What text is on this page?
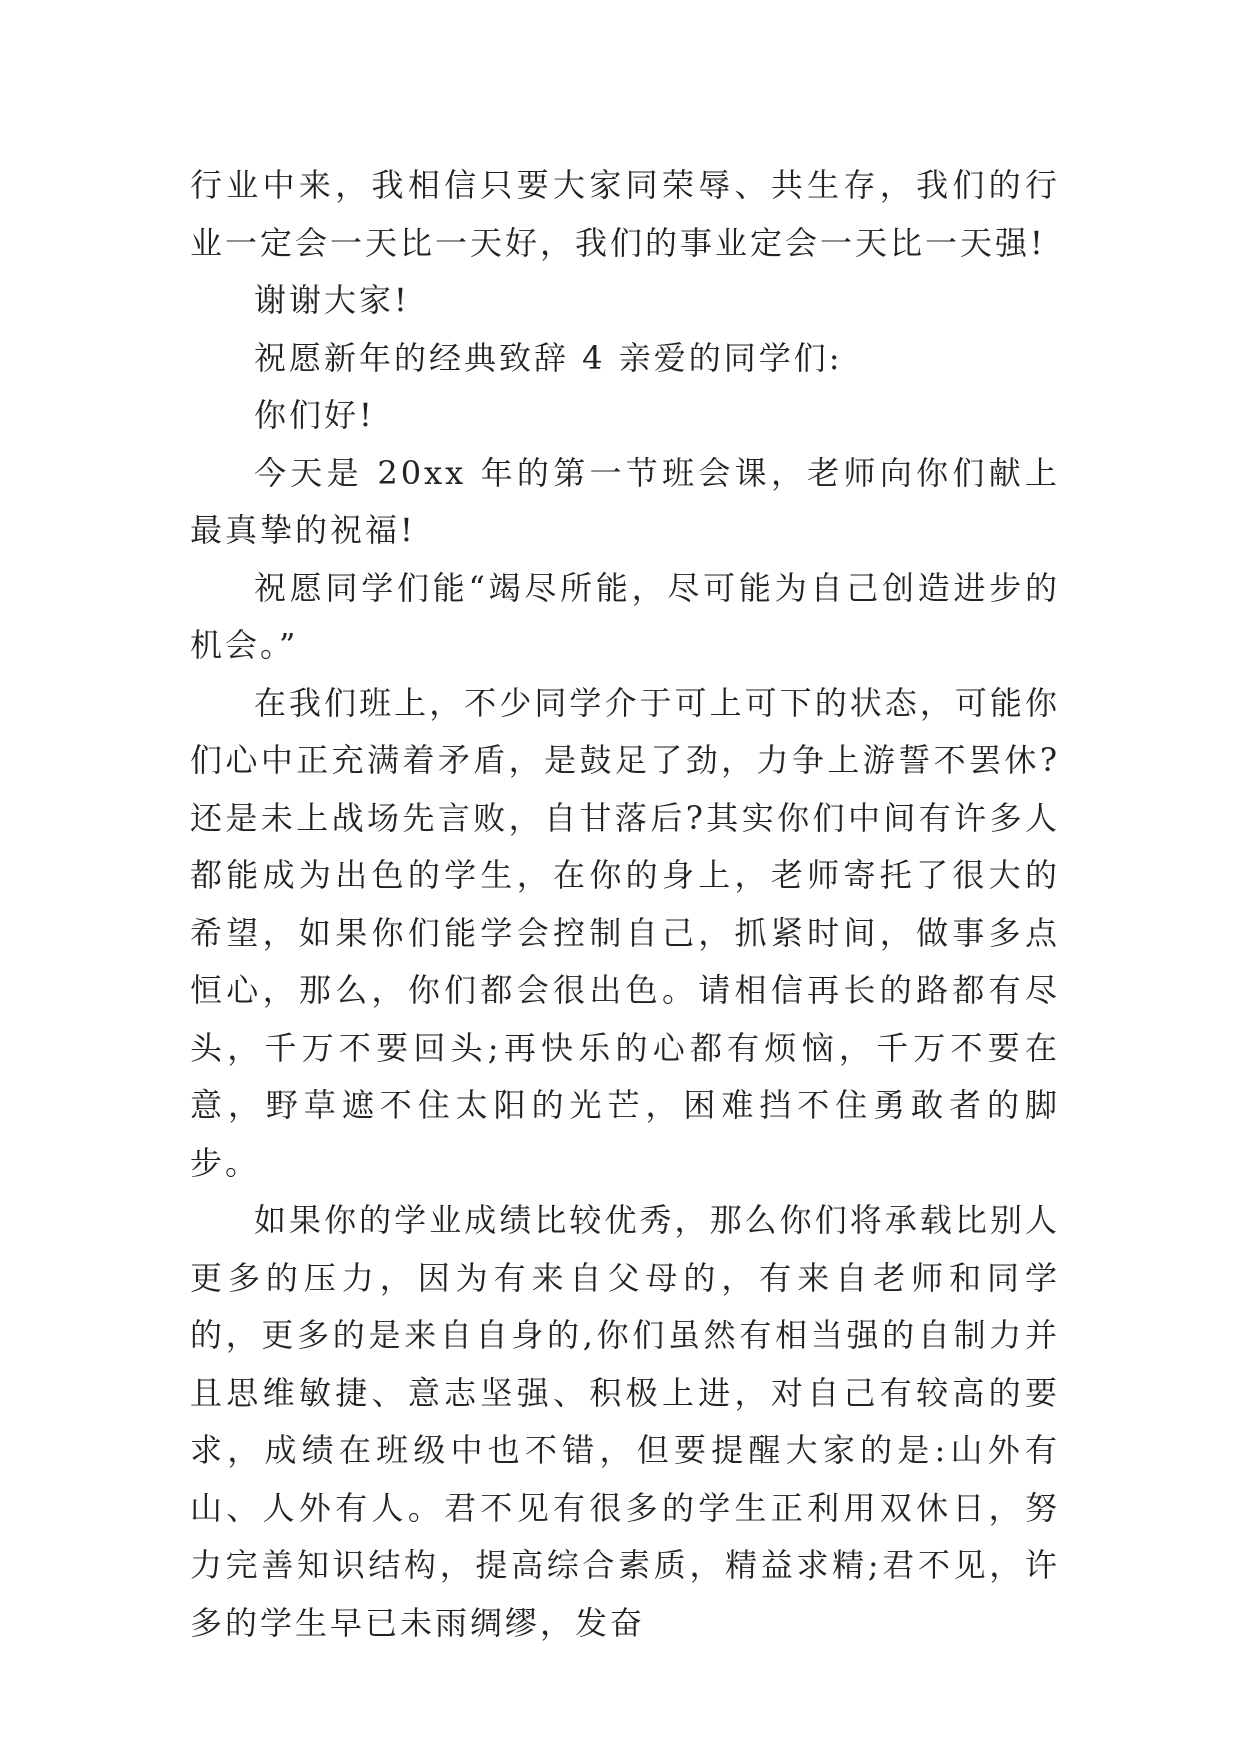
行业中来，我相信只要大家同荣辱、共生存，我们的行业一定会一天比一天好，我们的事业定会一天比一天强!

谢谢大家!

祝愿新年的经典致辞 4 亲爱的同学们:

你们好!

今天是 20xx 年的第一节班会课，老师向你们献上最真挚的祝福!

祝愿同学们能“竭尽所能，尽可能为自己创造进步的机会。”

在我们班上，不少同学介于可上可下的状态，可能你们心中正充满着矛盾，是鼓足了劲，力争上游誓不罢休?还是未上战场先言败，自甘落后?其实你们中间有许多人都能成为出色的学生，在你的身上，老师寄托了很大的希望，如果你们能学会控制自己，抓紧时间，做事多点恒心，那么，你们都会很出色。请相信再长的路都有尽头，千万不要回头;再快乐的心都有烦恼，千万不要在意，野草遮不住太阳的光芒，困难挡不住勇敢者的脚步。

如果你的学业成绩比较优秀，那么你们将承载比别人更多的压力，因为有来自父母的，有来自老师和同学的，更多的是来自自身的,你们虽然有相当强的自制力并且思维敏捷、意志坚强、积极上进，对自己有较高的要求，成绩在班级中也不错，但要提醒大家的是:山外有山、人外有人。君不见有很多的学生正利用双休日，努力完善知识结构，提高综合素质，精益求精;君不见，许多的学生早已未雨绸缪，发奋
